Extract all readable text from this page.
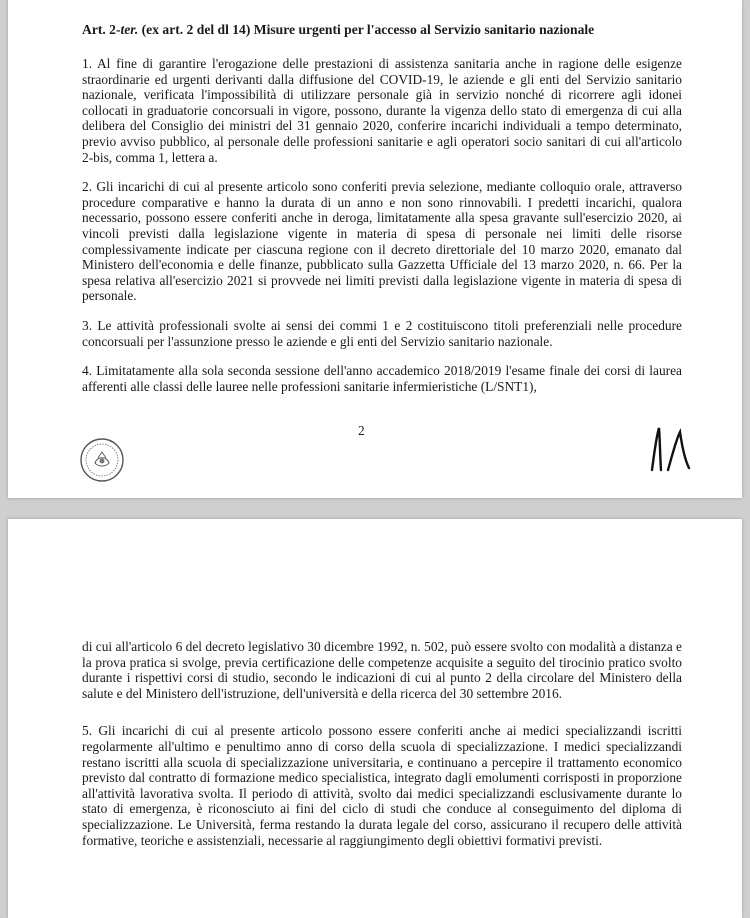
Art. 2-ter. (ex art. 2 del dl 14) Misure urgenti per l'accesso al Servizio sanitario nazionale

1. Al fine di garantire l'erogazione delle prestazioni di assistenza sanitaria anche in ragione delle esigenze straordinarie ed urgenti derivanti dalla diffusione del COVID-19, le aziende e gli enti del Servizio sanitario nazionale, verificata l'impossibilità di utilizzare personale già in servizio nonché di ricorrere agli idonei collocati in graduatorie concorsuali in vigore, possono, durante la vigenza dello stato di emergenza di cui alla delibera del Consiglio dei ministri del 31 gennaio 2020, conferire incarichi individuali a tempo determinato, previo avviso pubblico, al personale delle professioni sanitarie e agli operatori socio sanitari di cui all'articolo 2-bis, comma 1, lettera a.

2. Gli incarichi di cui al presente articolo sono conferiti previa selezione, mediante colloquio orale, attraverso procedure comparative e hanno la durata di un anno e non sono rinnovabili. I predetti incarichi, qualora necessario, possono essere conferiti anche in deroga, limitatamente alla spesa gravante sull'esercizio 2020, ai vincoli previsti dalla legislazione vigente in materia di spesa di personale nei limiti delle risorse complessivamente indicate per ciascuna regione con il decreto direttoriale del 10 marzo 2020, emanato dal Ministero dell'economia e delle finanze, pubblicato sulla Gazzetta Ufficiale del 13 marzo 2020, n. 66. Per la spesa relativa all'esercizio 2021 si provvede nei limiti previsti dalla legislazione vigente in materia di spesa di personale.

3. Le attività professionali svolte ai sensi dei commi 1 e 2 costituiscono titoli preferenziali nelle procedure concorsuali per l'assunzione presso le aziende e gli enti del Servizio sanitario nazionale.

4. Limitatamente alla sola seconda sessione dell'anno accademico 2018/2019 l'esame finale dei corsi di laurea afferenti alle classi delle lauree nelle professioni sanitarie infermieristiche (L/SNT1),

2

di cui all'articolo 6 del decreto legislativo 30 dicembre 1992, n. 502, può essere svolto con modalità a distanza e la prova pratica si svolge, previa certificazione delle competenze acquisite a seguito del tirocinio pratico svolto durante i rispettivi corsi di studio, secondo le indicazioni di cui al punto 2 della circolare del Ministero della salute e del Ministero dell'istruzione, dell'università e della ricerca del 30 settembre 2016.

5. Gli incarichi di cui al presente articolo possono essere conferiti anche ai medici specializzandi iscritti regolarmente all'ultimo e penultimo anno di corso della scuola di specializzazione. I medici specializzandi restano iscritti alla scuola di specializzazione universitaria, e continuano a percepire il trattamento economico previsto dal contratto di formazione medico specialistica, integrato dagli emolumenti corrisposti in proporzione all'attività lavorativa svolta. Il periodo di attività, svolto dai medici specializzandi esclusivamente durante lo stato di emergenza, è riconosciuto ai fini del ciclo di studi che conduce al conseguimento del diploma di specializzazione. Le Università, ferma restando la durata legale del corso, assicurano il recupero delle attività formative, teoriche e assistenziali, necessarie al raggiungimento degli obiettivi formativi previsti.
